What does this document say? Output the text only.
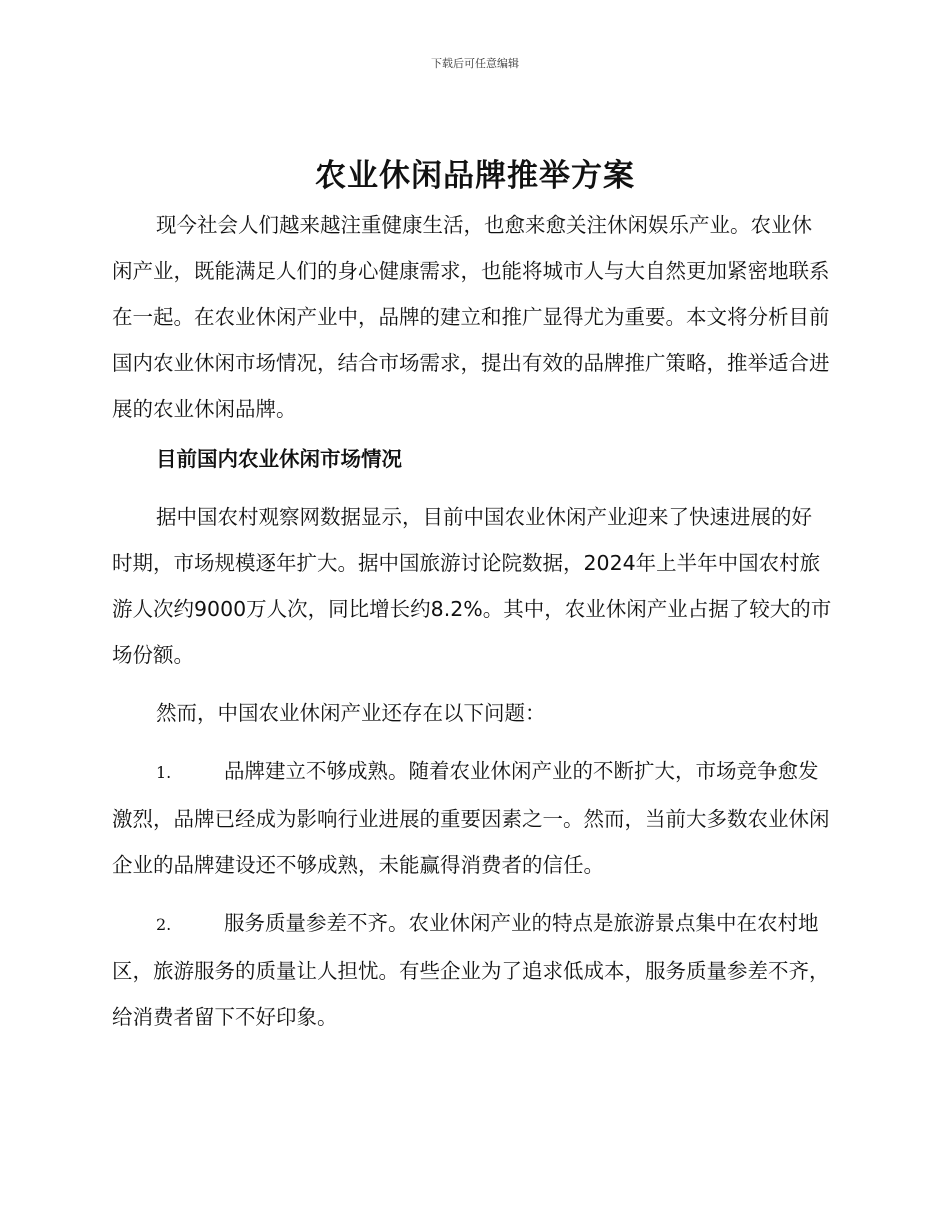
下载后可任意编辑
农业休闲品牌推举方案

现今社会人们越来越注重健康生活，也愈来愈关注休闲娱乐产业。农业休闲产业，既能满足人们的身心健康需求，也能将城市人与大自然更加紧密地联系在一起。在农业休闲产业中，品牌的建立和推广显得尤为重要。本文将分析目前国内农业休闲市场情况，结合市场需求，提出有效的品牌推广策略，推举适合进展的农业休闲品牌。

目前国内农业休闲市场情况

据中国农村观察网数据显示，目前中国农业休闲产业迎来了快速进展的好时期，市场规模逐年扩大。据中国旅游讨论院数据，2024年上半年中国农村旅游人次约9000万人次，同比增长约8.2%。其中，农业休闲产业占据了较大的市场份额。

然而，中国农业休闲产业还存在以下问题：

1.	品牌建立不够成熟。随着农业休闲产业的不断扩大，市场竞争愈发激烈，品牌已经成为影响行业进展的重要因素之一。然而，当前大多数农业休闲企业的品牌建设还不够成熟，未能赢得消费者的信任。

2.	服务质量参差不齐。农业休闲产业的特点是旅游景点集中在农村地区，旅游服务的质量让人担忧。有些企业为了追求低成本，服务质量参差不齐，给消费者留下不好印象。
